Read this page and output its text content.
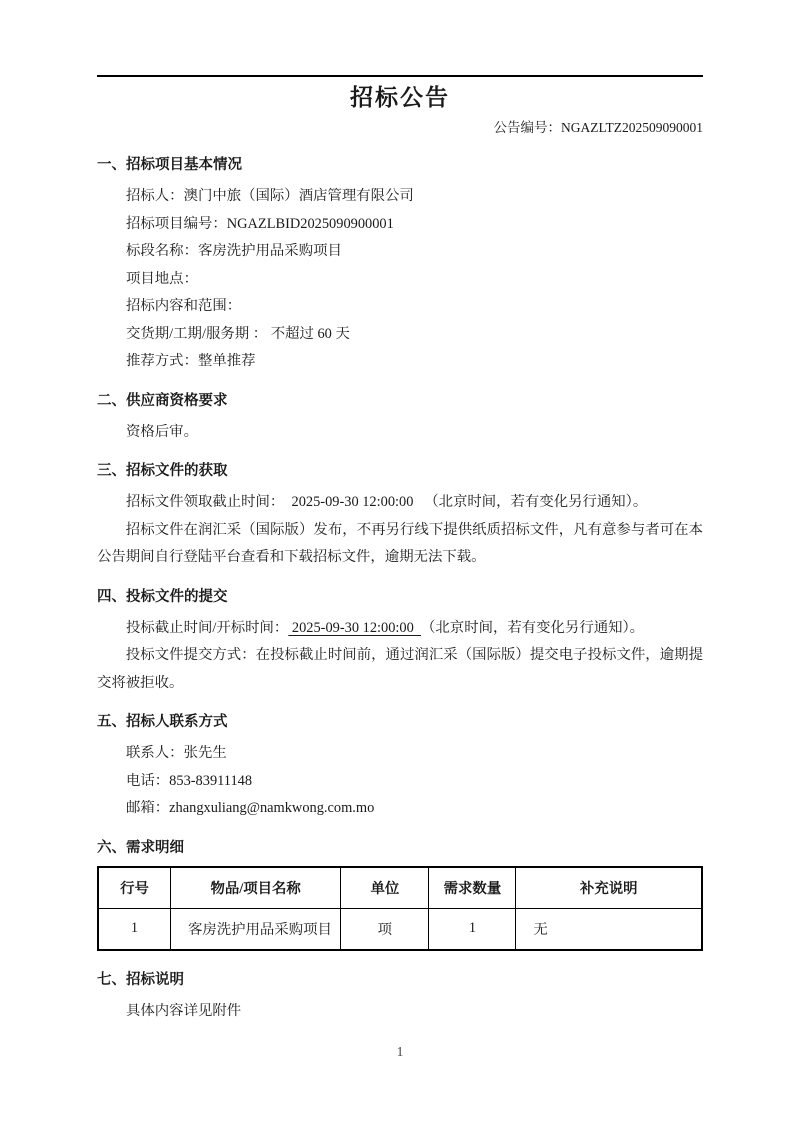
招标公告
公告编号：NGAZLTZ202509090001
一、招标项目基本情况
招标人：澳门中旅（国际）酒店管理有限公司
招标项目编号：NGAZLBID2025090900001
标段名称：客房洗护用品采购项目
项目地点：
招标内容和范围：
交货期/工期/服务期 ： 不超过 60 天
推荐方式：整单推荐
二、供应商资格要求
资格后审。
三、招标文件的获取
招标文件领取截止时间：  2025-09-30 12:00:00   （北京时间，若有变化另行通知）。
招标文件在润汇采（国际版）发布，不再另行线下提供纸质招标文件，凡有意参与者可在本公告期间自行登陆平台查看和下载招标文件，逾期无法下载。
四、投标文件的提交
投标截止时间/开标时间： 2025-09-30 12:00:00  （北京时间，若有变化另行通知）。
投标文件提交方式：在投标截止时间前，通过润汇采（国际版）提交电子投标文件，逾期提交将被拒收。
五、招标人联系方式
联系人：张先生
电话：853-83911148
邮箱：zhangxuliang@namkwong.com.mo
六、需求明细
行号	物品/项目名称	单位	需求数量	补充说明
1	客房洗护用品采购项目	项	1	无
七、招标说明
具体内容详见附件
1
